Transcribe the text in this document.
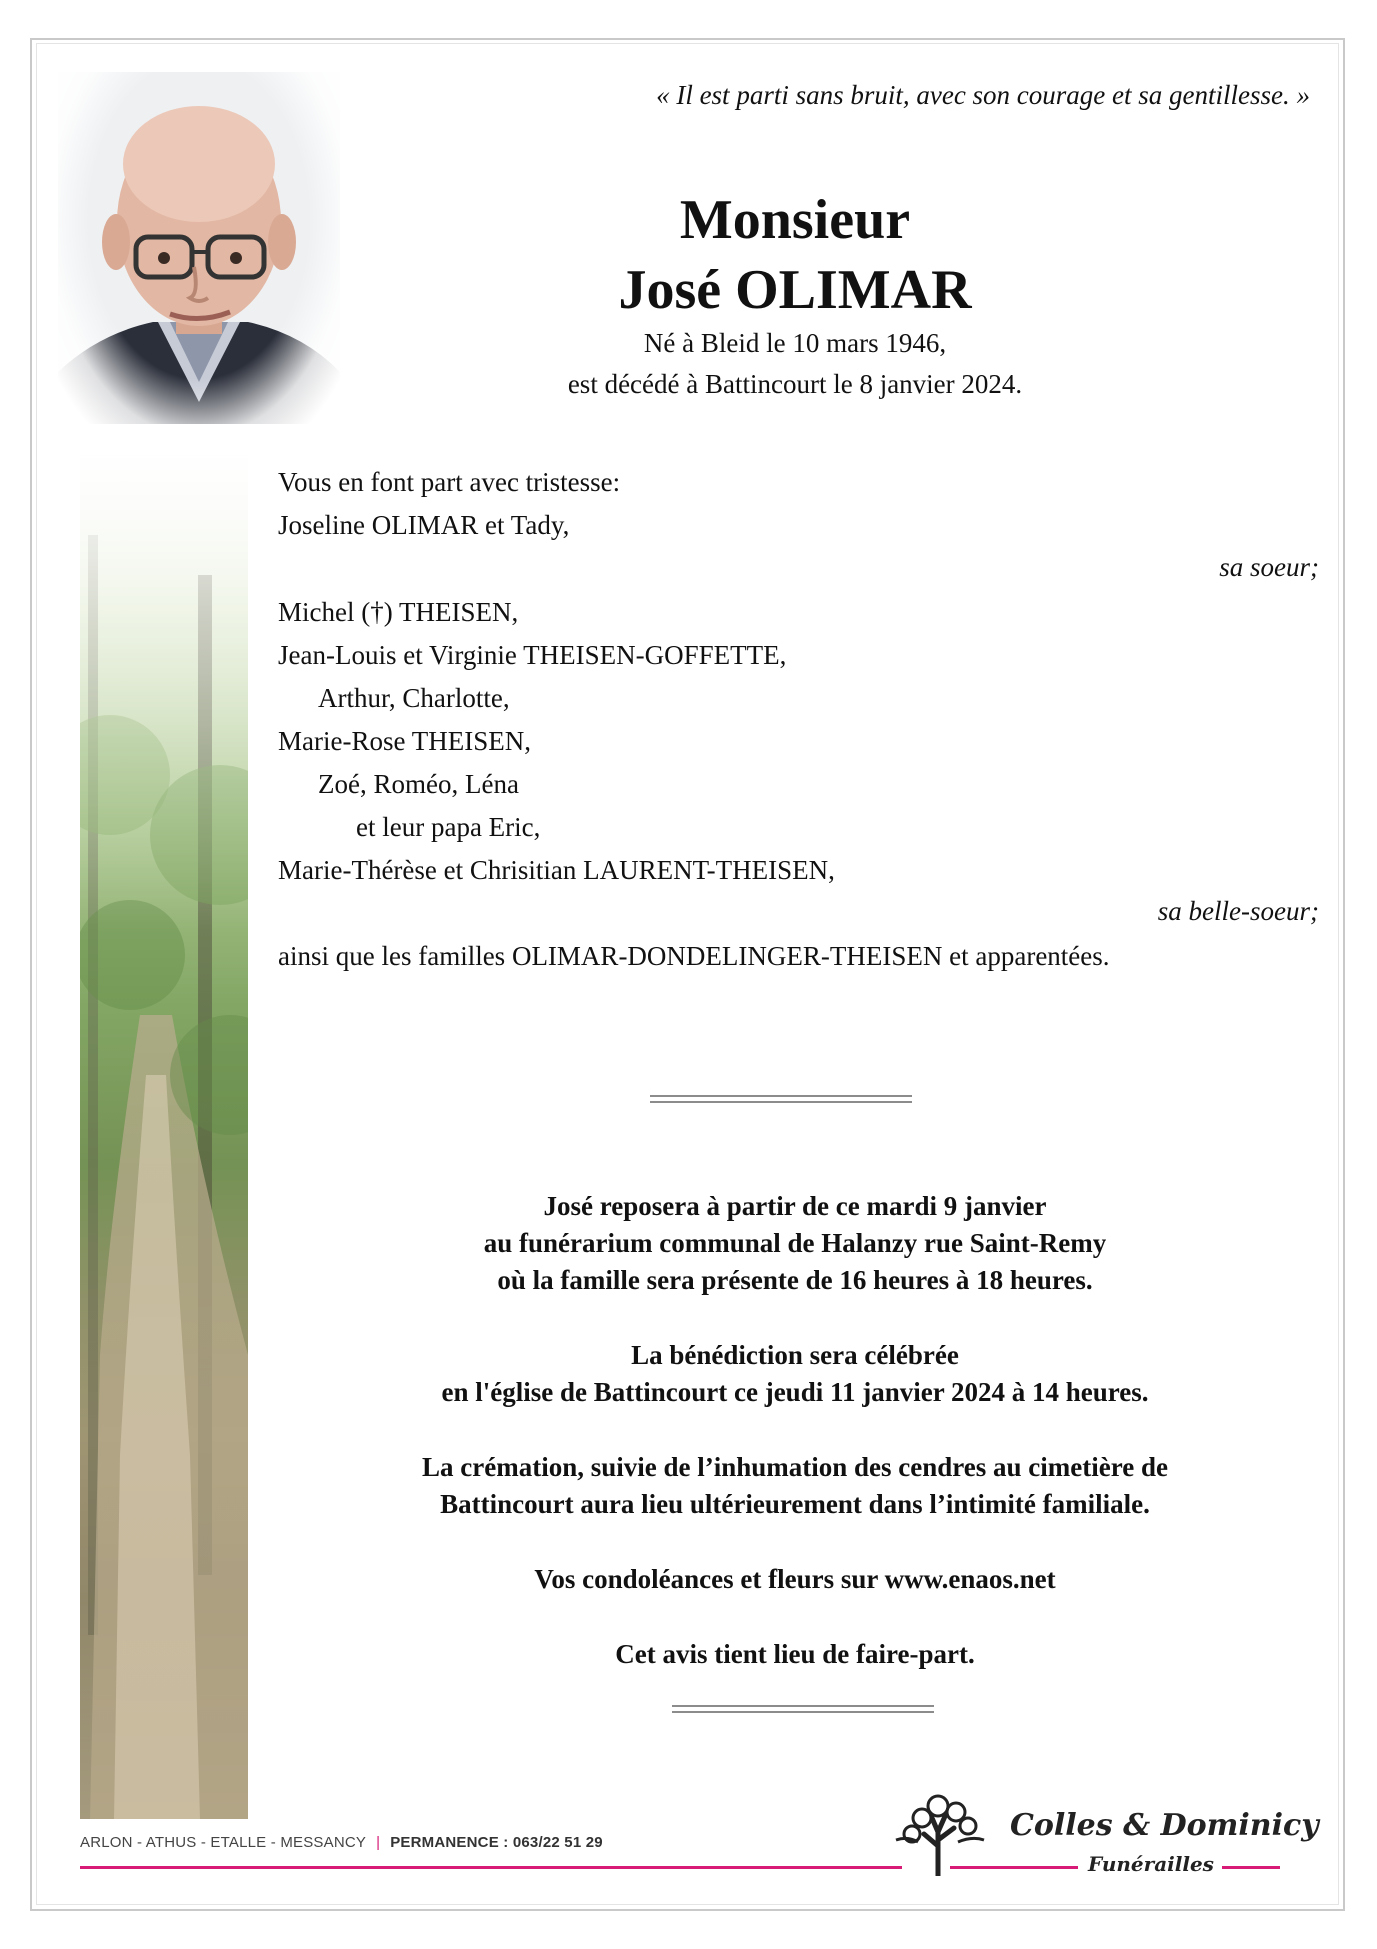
« Il est parti sans bruit, avec son courage et sa gentillesse. »
Monsieur
José OLIMAR
Né à Bleid le 10 mars 1946,
est décédé à Battincourt le 8 janvier 2024.
Vous en font part avec tristesse:
Joseline OLIMAR et Tady,
sa soeur;
Michel (†) THEISEN,
Jean-Louis et Virginie THEISEN-GOFFETTE,
Arthur, Charlotte,
Marie-Rose THEISEN,
Zoé, Roméo, Léna
et leur papa Eric,
Marie-Thérèse et Chrisitian LAURENT-THEISEN,
sa belle-soeur;
ainsi que les familles OLIMAR-DONDELINGER-THEISEN et apparentées.
José reposera à partir de ce mardi 9 janvier
au funérarium communal de Halanzy rue Saint-Remy
où la famille sera présente de 16 heures à 18 heures.
La bénédiction sera célébrée
en l'église de Battincourt ce jeudi 11 janvier 2024 à 14 heures.
La crémation, suivie de l’inhumation des cendres au cimetière de
Battincourt aura lieu ultérieurement dans l’intimité familiale.
Vos condoléances et fleurs sur www.enaos.net
Cet avis tient lieu de faire-part.
ARLON - ATHUS - ETALLE - MESSANCY | PERMANENCE : 063/22 51 29	Colles & Dominicy
Funérailles
